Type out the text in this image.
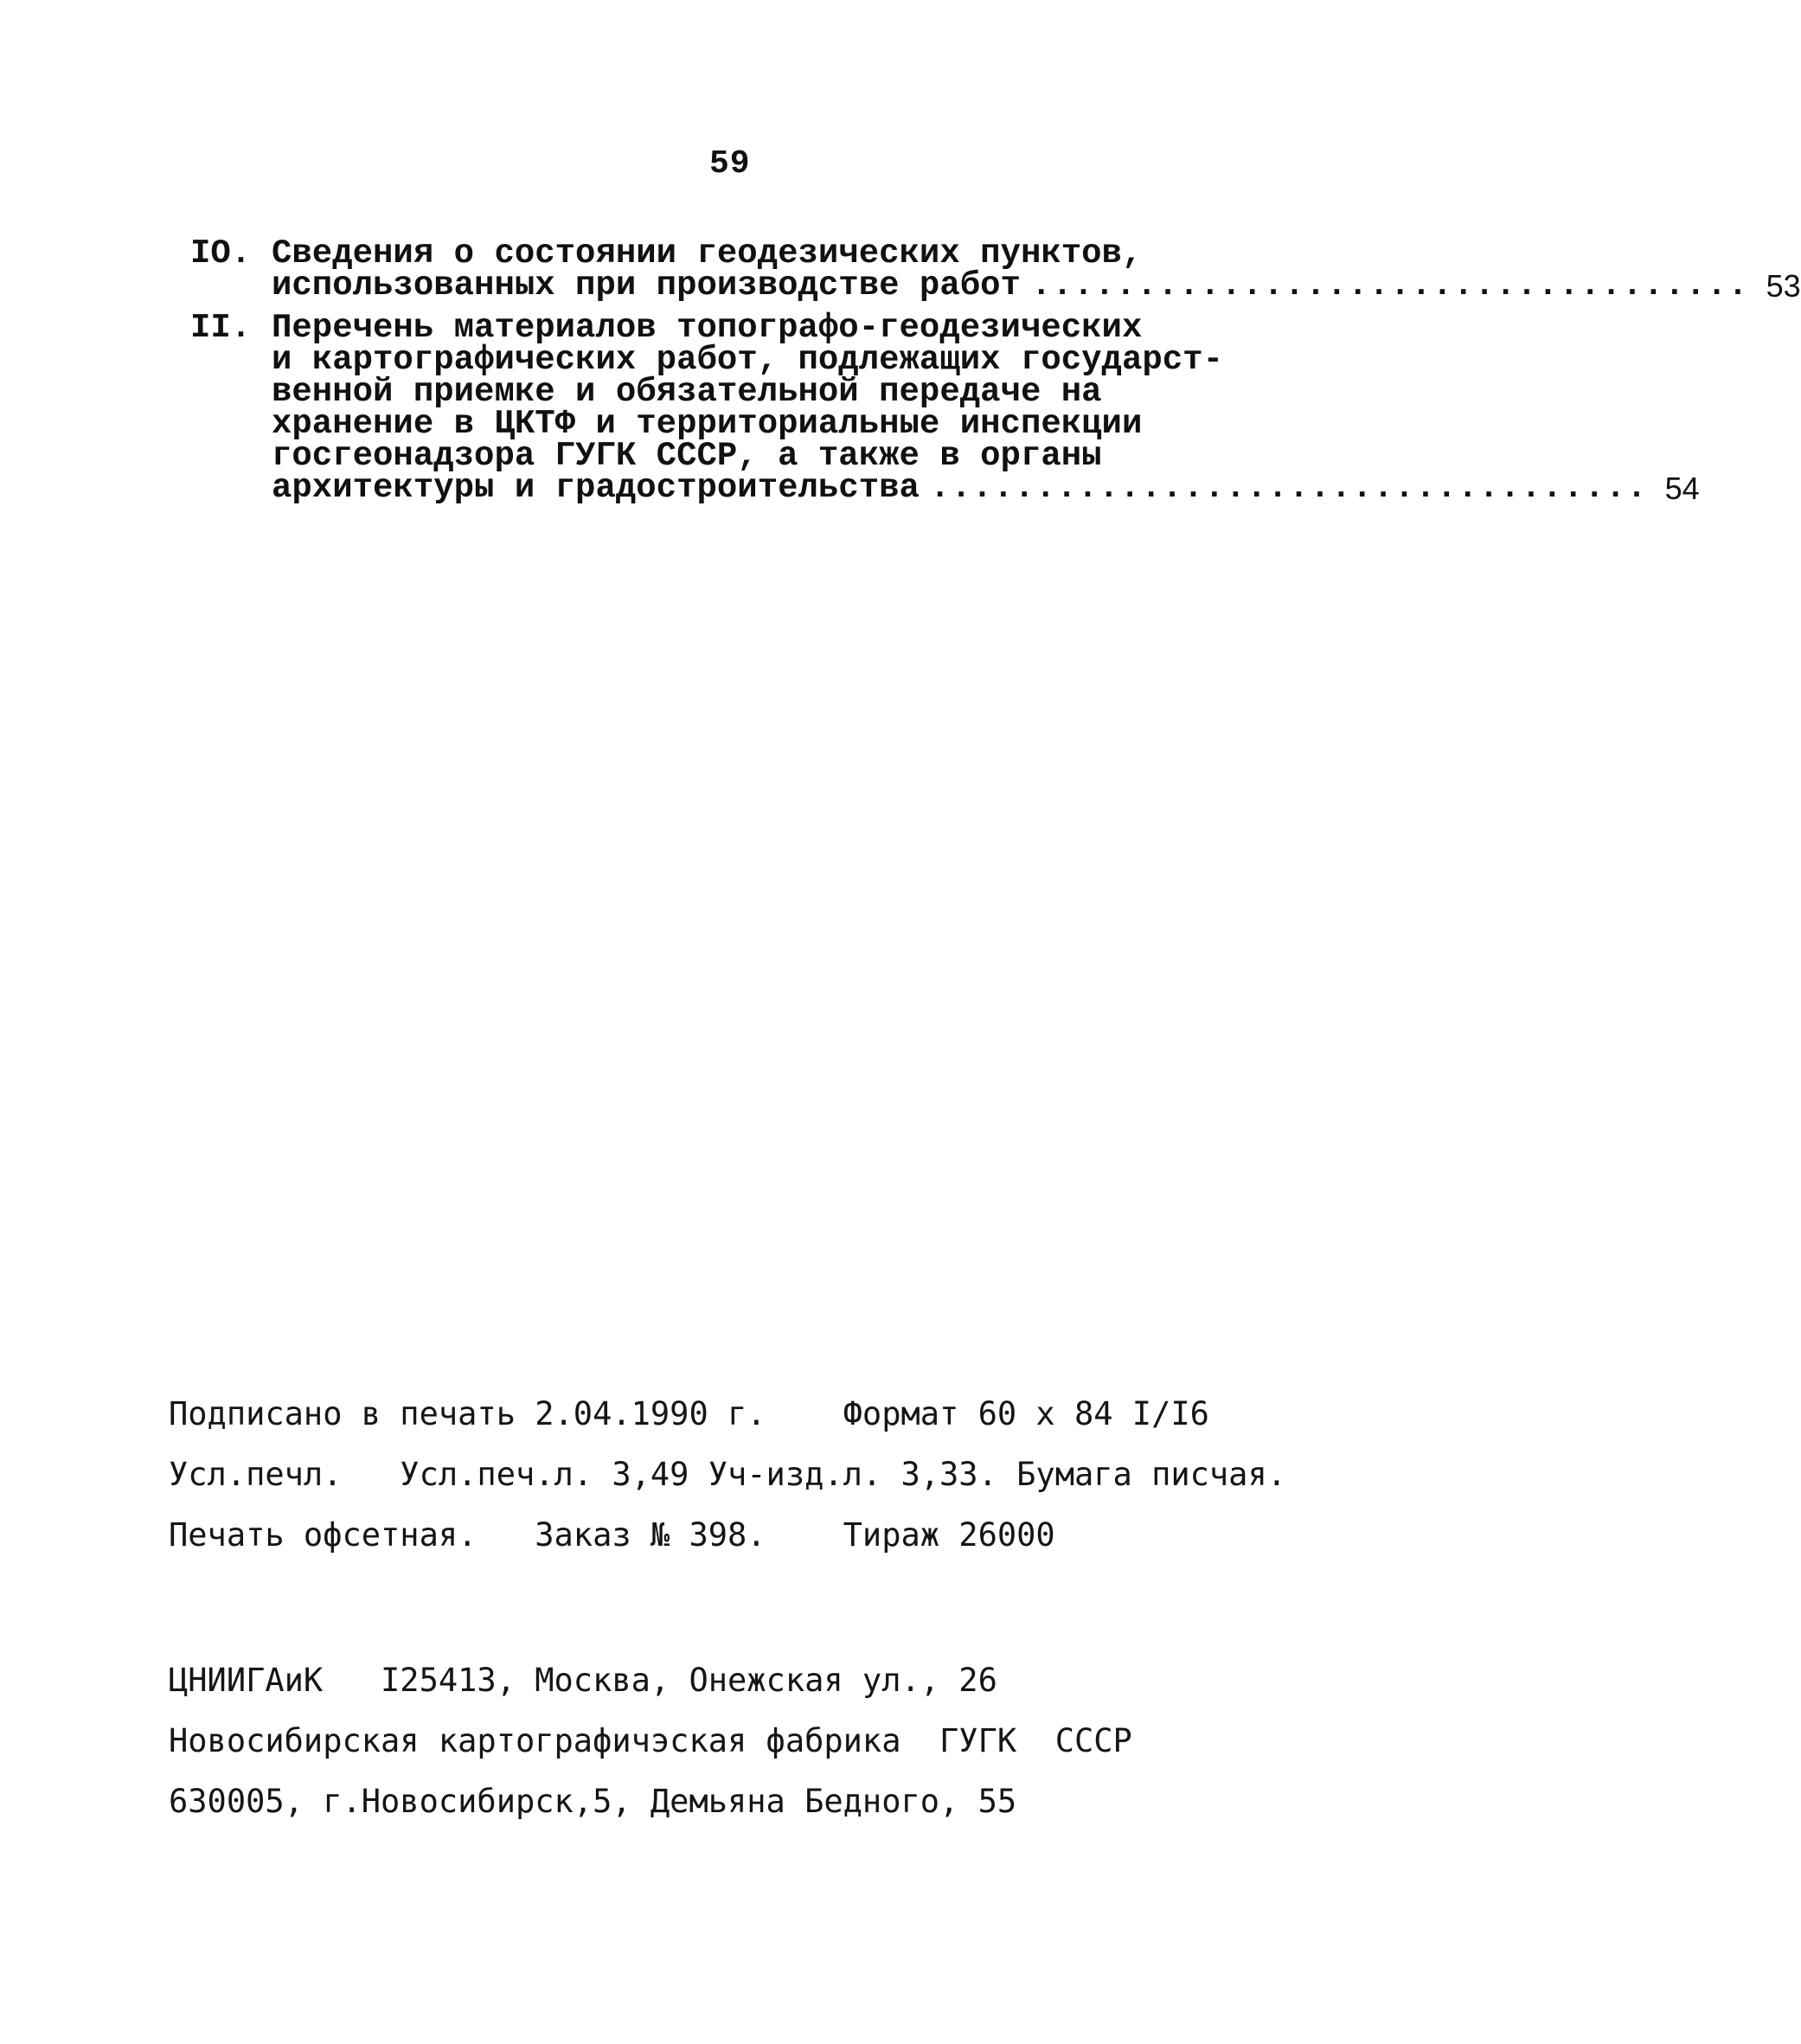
59
IO. Сведения о состоянии геодезических пунктов,
использованных при производстве работ .................................. 53
II. Перечень материалов топографо-геодезических
и картографических работ, подлежащих государст-
венной приемке и обязательной передаче на
хранение в ЦКТФ и территориальные инспекции
госгеонадзора ГУГК СССР, а также в органы
архитектуры и градостроительства .................................. 54
Подписано в печать 2.04.1990 г.    Формат 60 х 84 I/I6
Усл.печл.   Усл.печ.л. 3,49 Уч-изд.л. 3,33. Бумага писчая.
Печать офсетная.   Заказ № 398.    Тираж 26000
ЦНИИГАиК   I25413, Москва, Онежская ул., 26
Новосибирская картографичэская фабрика  ГУГК  СССР
630005, г.Новосибирск,5, Демьяна Бедного, 55
